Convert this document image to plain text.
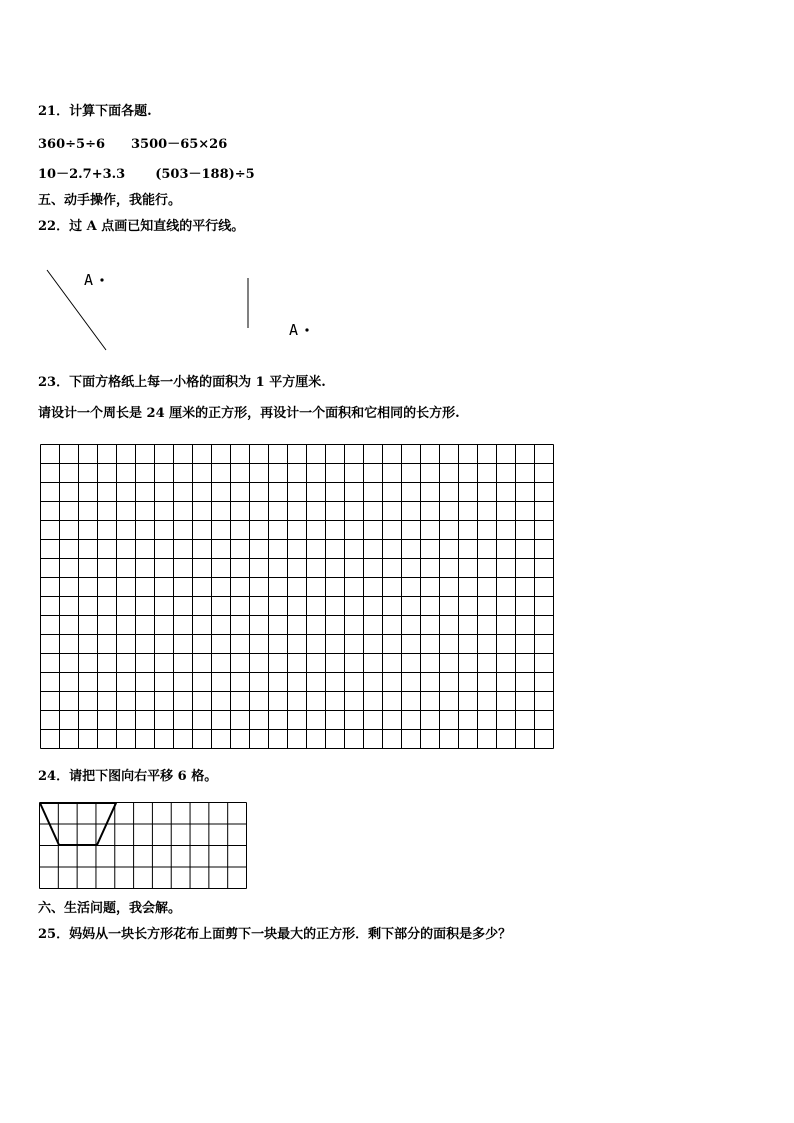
21．计算下面各题.
360÷5÷6 3500－65×26
10－2.7+3.3 (503－188)÷5
五、动手操作，我能行。
22．过 A 点画已知直线的平行线。
A
A
23．下面方格纸上每一小格的面积为 1 平方厘米.
请设计一个周长是 24 厘米的正方形，再设计一个面积和它相同的长方形.
24．请把下图向右平移 6 格。
六、生活问题，我会解。
25．妈妈从一块长方形花布上面剪下一块最大的正方形．剩下部分的面积是多少？
